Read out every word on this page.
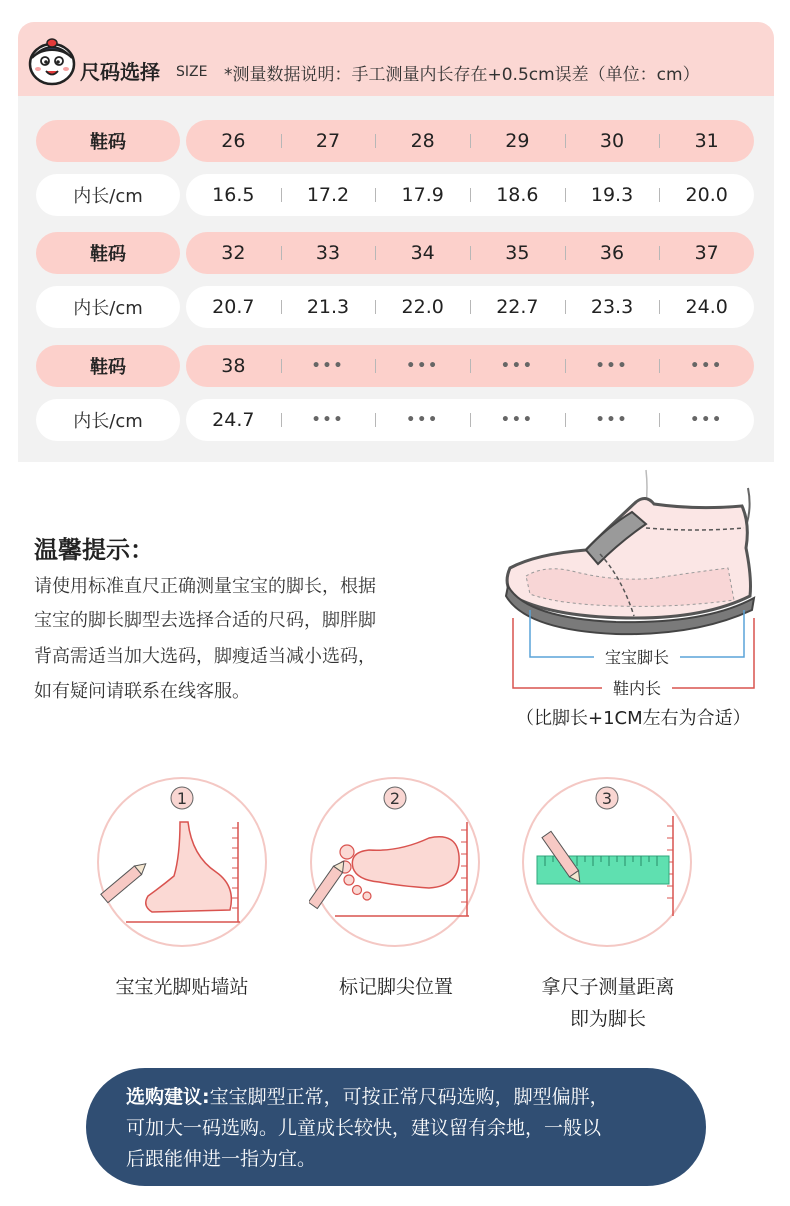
尺码选择 SIZE *测量数据说明：手工测量内长存在+0.5cm误差（单位：cm）
鞋码	26	27	28	29	30	31
内长/cm	16.5	17.2	17.9	18.6	19.3	20.0
鞋码	32	33	34	35	36	37
内长/cm	20.7	21.3	22.0	22.7	23.3	24.0
鞋码	38	•••	•••	•••	•••	•••
内长/cm	24.7	•••	•••	•••	•••	•••
温馨提示：
请使用标准直尺正确测量宝宝的脚长，根据
宝宝的脚长脚型去选择合适的尺码，脚胖脚
背高需适当加大选码，脚瘦适当减小选码，
如有疑问请联系在线客服。
宝宝脚长
鞋内长
（比脚长+1CM左右为合适）
1
宝宝光脚贴墙站
2
标记脚尖位置
3
拿尺子测量距离
即为脚长
选购建议:宝宝脚型正常，可按正常尺码选购，脚型偏胖，
可加大一码选购。儿童成长较快，建议留有余地，一般以
后跟能伸进一指为宜。
